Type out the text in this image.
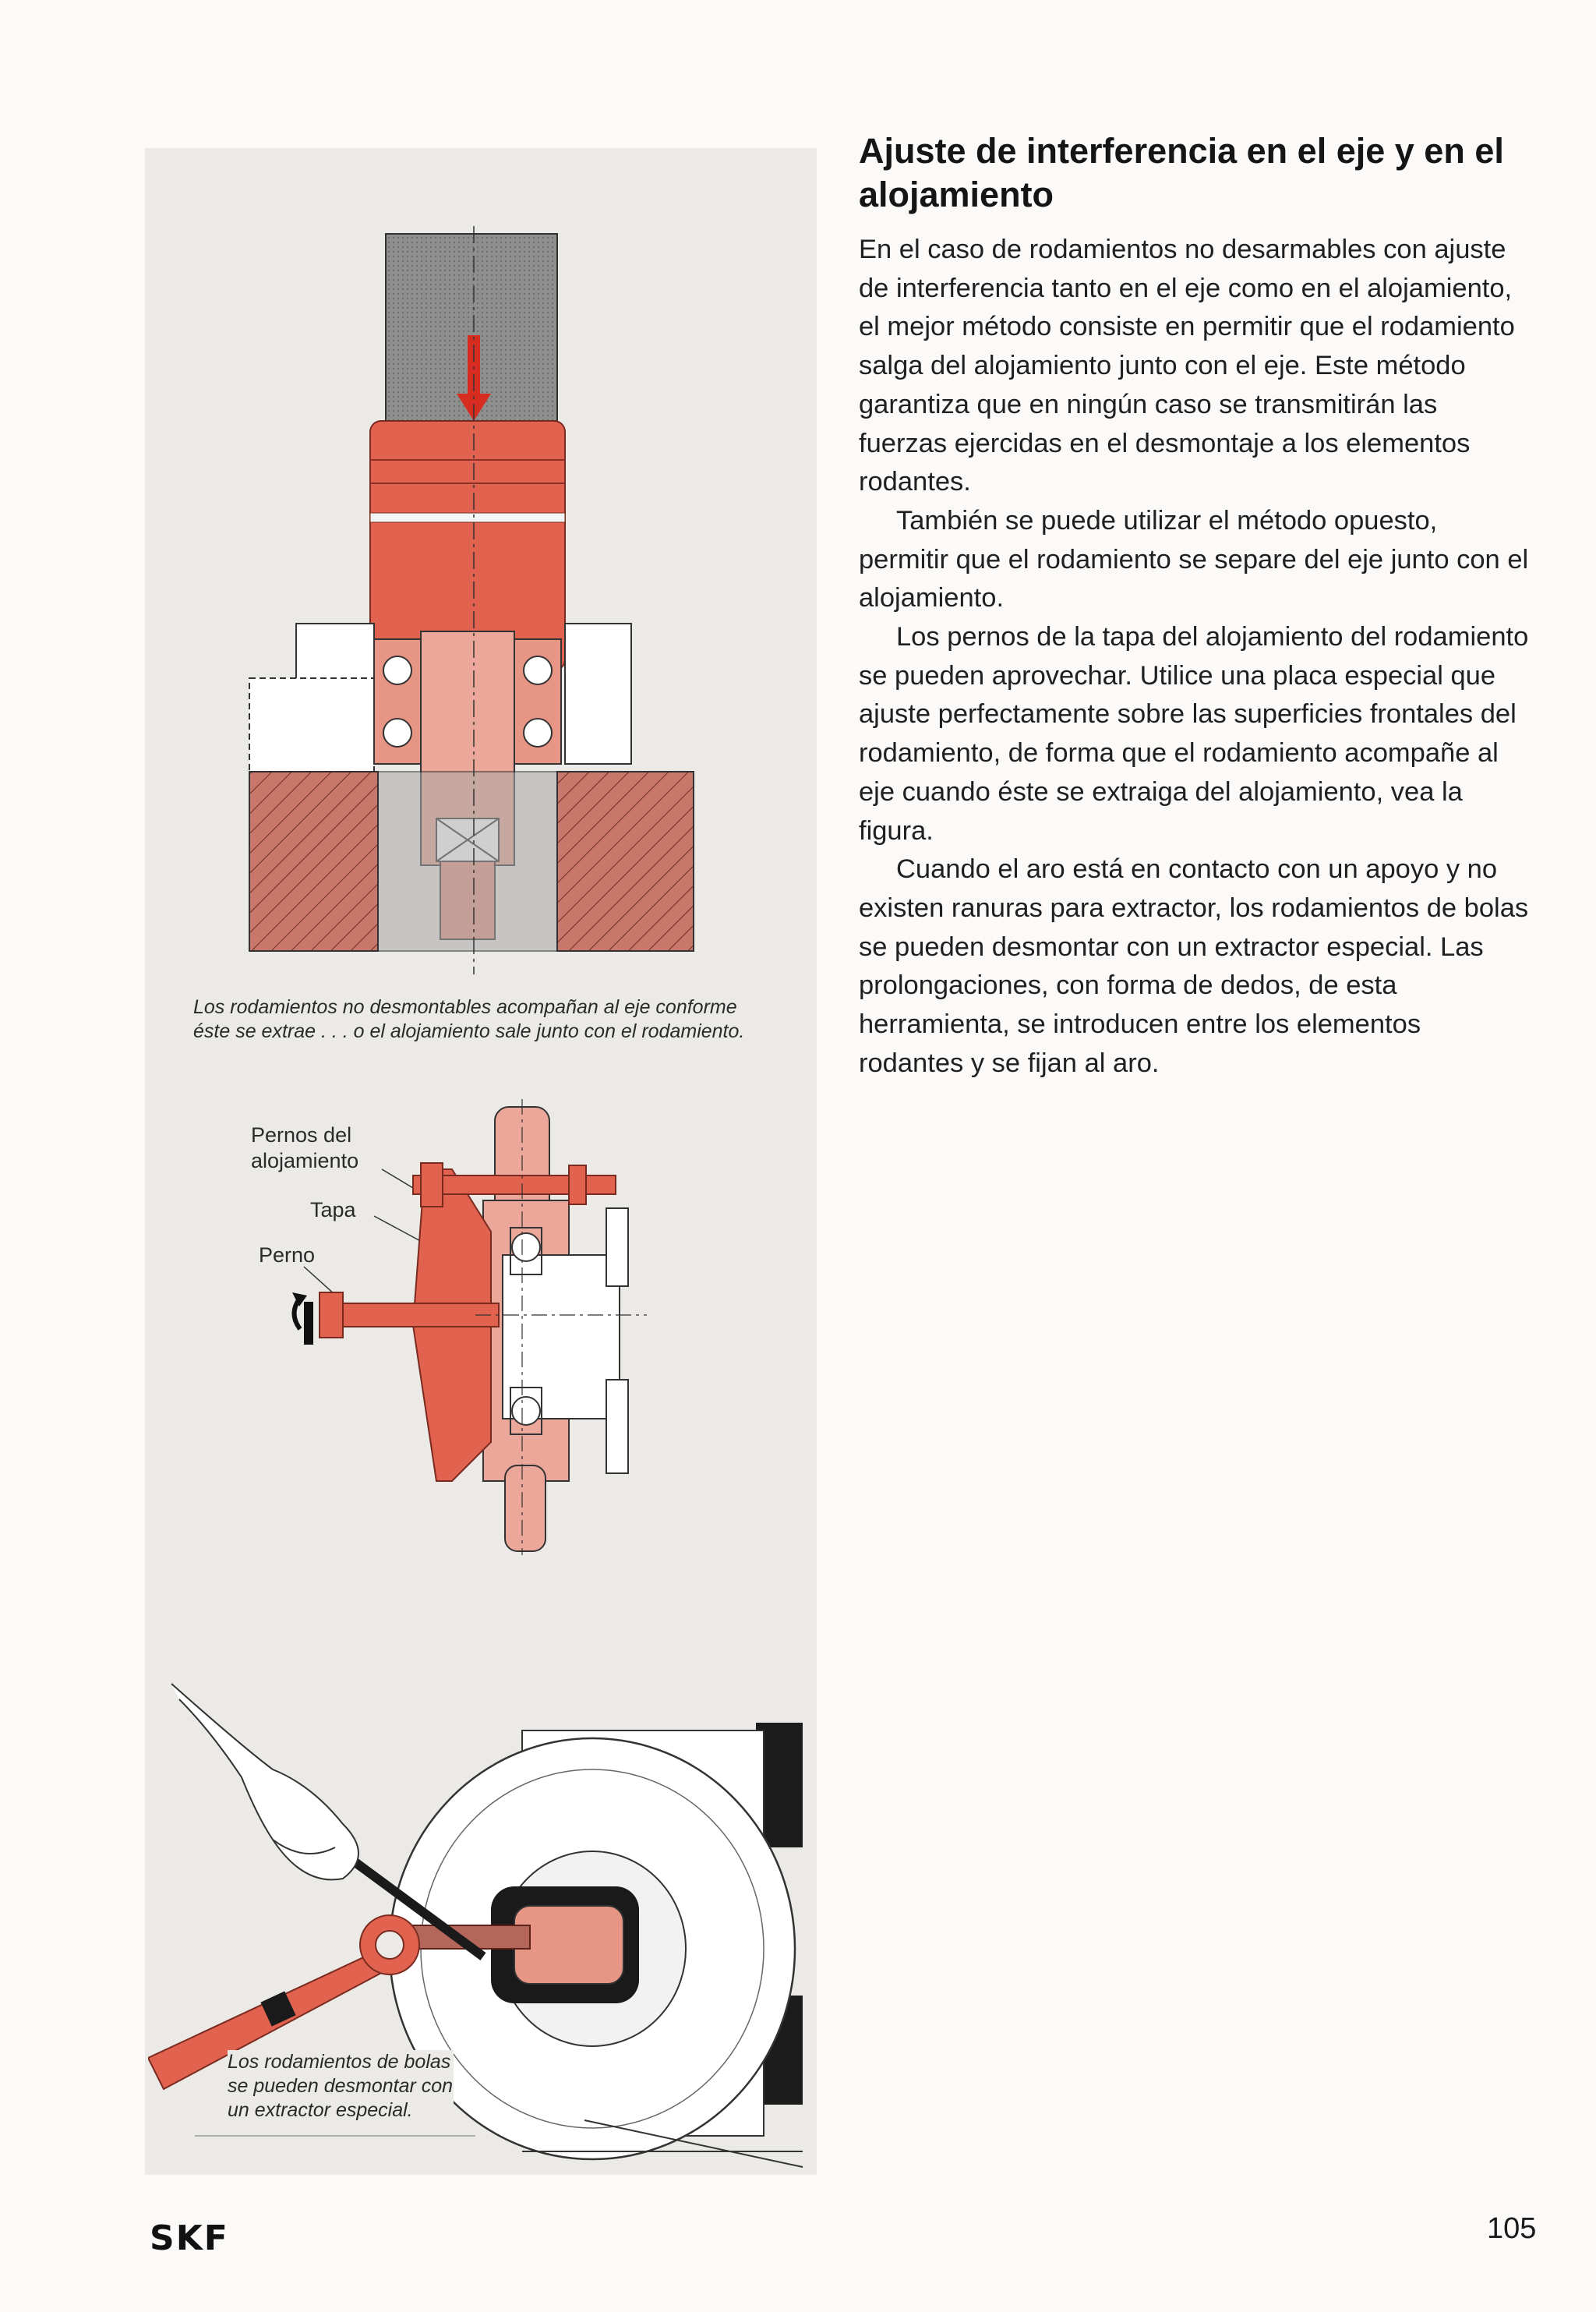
Los rodamientos no desmontables acompañan al eje conforme éste se extrae . . . o el alojamiento sale junto con el rodamiento.
Pernos del alojamiento
Tapa
Perno
Los rodamientos de bolas se pueden desmontar con un extractor especial.
Ajuste de interferencia en el eje y en el alojamiento

En el caso de rodamientos no desarmables con ajuste de interferencia tanto en el eje como en el alojamiento, el mejor método consiste en permitir que el rodamiento salga del alojamiento junto con el eje. Este método garantiza que en ningún caso se transmitirán las fuerzas ejercidas en el desmontaje a los elementos rodantes.

También se puede utilizar el método opuesto, permitir que el rodamiento se separe del eje junto con el alojamiento.

Los pernos de la tapa del alojamiento del rodamiento se pueden aprovechar. Utilice una placa especial que ajuste perfectamente sobre las superficies frontales del rodamiento, de forma que el rodamiento acompañe al eje cuando éste se extraiga del alojamiento, vea la figura.

Cuando el aro está en contacto con un apoyo y no existen ranuras para extractor, los rodamientos de bolas se pueden desmontar con un extractor especial. Las prolongaciones, con forma de dedos, de esta herramienta, se introducen entre los elementos rodantes y se fijan al aro.

SKF	105
